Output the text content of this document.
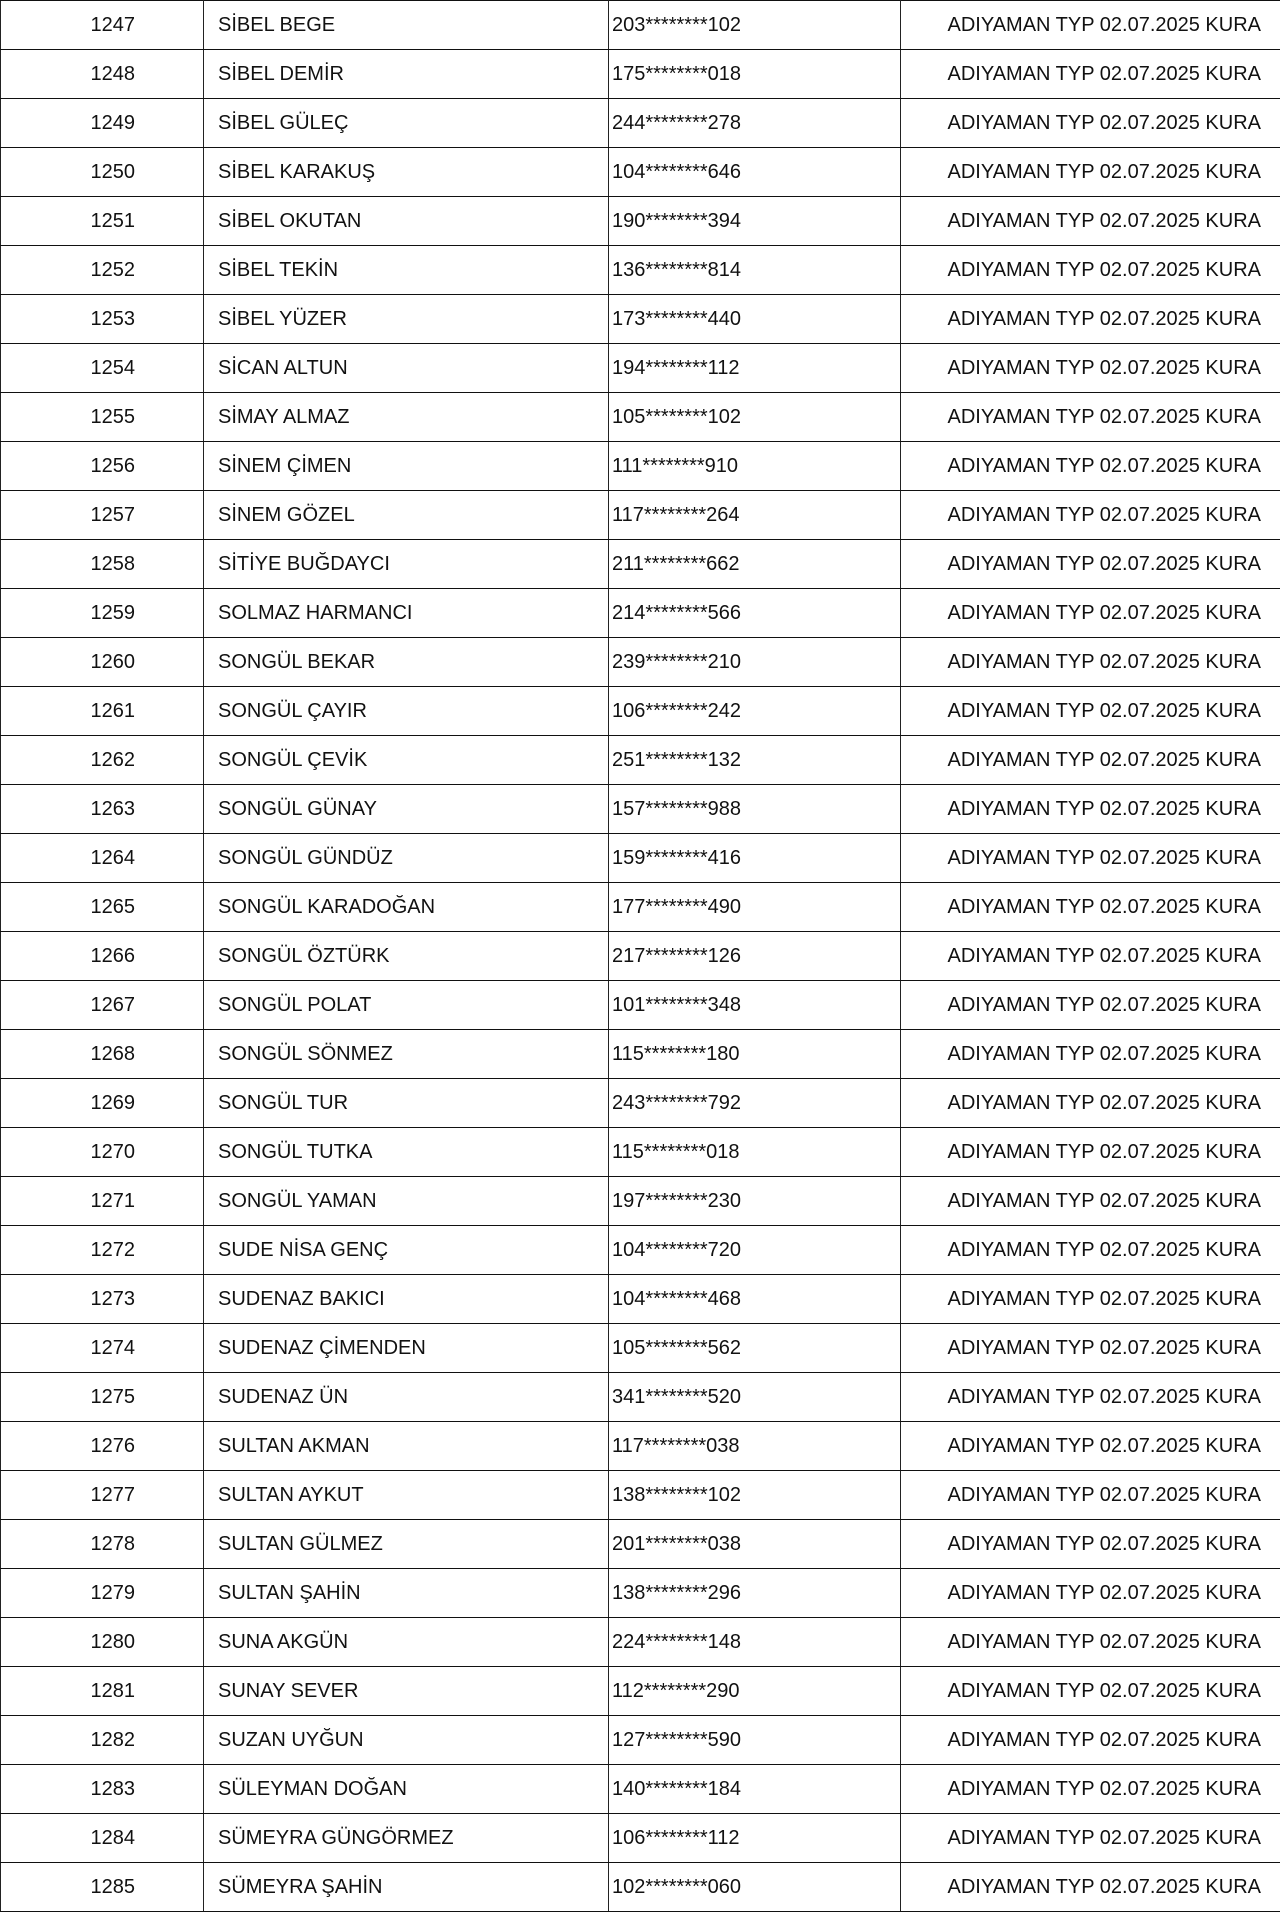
1247	SİBEL BEGE	203********102	ADIYAMAN TYP 02.07.2025 KURA
1248	SİBEL DEMİR	175********018	ADIYAMAN TYP 02.07.2025 KURA
1249	SİBEL GÜLEÇ	244********278	ADIYAMAN TYP 02.07.2025 KURA
1250	SİBEL KARAKUŞ	104********646	ADIYAMAN TYP 02.07.2025 KURA
1251	SİBEL OKUTAN	190********394	ADIYAMAN TYP 02.07.2025 KURA
1252	SİBEL TEKİN	136********814	ADIYAMAN TYP 02.07.2025 KURA
1253	SİBEL YÜZER	173********440	ADIYAMAN TYP 02.07.2025 KURA
1254	SİCAN ALTUN	194********112	ADIYAMAN TYP 02.07.2025 KURA
1255	SİMAY ALMAZ	105********102	ADIYAMAN TYP 02.07.2025 KURA
1256	SİNEM ÇİMEN	111********910	ADIYAMAN TYP 02.07.2025 KURA
1257	SİNEM GÖZEL	117********264	ADIYAMAN TYP 02.07.2025 KURA
1258	SİTİYE BUĞDAYCI	211********662	ADIYAMAN TYP 02.07.2025 KURA
1259	SOLMAZ HARMANCI	214********566	ADIYAMAN TYP 02.07.2025 KURA
1260	SONGÜL BEKAR	239********210	ADIYAMAN TYP 02.07.2025 KURA
1261	SONGÜL ÇAYIR	106********242	ADIYAMAN TYP 02.07.2025 KURA
1262	SONGÜL ÇEVİK	251********132	ADIYAMAN TYP 02.07.2025 KURA
1263	SONGÜL GÜNAY	157********988	ADIYAMAN TYP 02.07.2025 KURA
1264	SONGÜL GÜNDÜZ	159********416	ADIYAMAN TYP 02.07.2025 KURA
1265	SONGÜL KARADOĞAN	177********490	ADIYAMAN TYP 02.07.2025 KURA
1266	SONGÜL ÖZTÜRK	217********126	ADIYAMAN TYP 02.07.2025 KURA
1267	SONGÜL POLAT	101********348	ADIYAMAN TYP 02.07.2025 KURA
1268	SONGÜL SÖNMEZ	115********180	ADIYAMAN TYP 02.07.2025 KURA
1269	SONGÜL TUR	243********792	ADIYAMAN TYP 02.07.2025 KURA
1270	SONGÜL TUTKA	115********018	ADIYAMAN TYP 02.07.2025 KURA
1271	SONGÜL YAMAN	197********230	ADIYAMAN TYP 02.07.2025 KURA
1272	SUDE NİSA GENÇ	104********720	ADIYAMAN TYP 02.07.2025 KURA
1273	SUDENAZ BAKICI	104********468	ADIYAMAN TYP 02.07.2025 KURA
1274	SUDENAZ ÇİMENDEN	105********562	ADIYAMAN TYP 02.07.2025 KURA
1275	SUDENAZ ÜN	341********520	ADIYAMAN TYP 02.07.2025 KURA
1276	SULTAN AKMAN	117********038	ADIYAMAN TYP 02.07.2025 KURA
1277	SULTAN AYKUT	138********102	ADIYAMAN TYP 02.07.2025 KURA
1278	SULTAN GÜLMEZ	201********038	ADIYAMAN TYP 02.07.2025 KURA
1279	SULTAN ŞAHİN	138********296	ADIYAMAN TYP 02.07.2025 KURA
1280	SUNA AKGÜN	224********148	ADIYAMAN TYP 02.07.2025 KURA
1281	SUNAY SEVER	112********290	ADIYAMAN TYP 02.07.2025 KURA
1282	SUZAN UYĞUN	127********590	ADIYAMAN TYP 02.07.2025 KURA
1283	SÜLEYMAN DOĞAN	140********184	ADIYAMAN TYP 02.07.2025 KURA
1284	SÜMEYRA GÜNGÖRMEZ	106********112	ADIYAMAN TYP 02.07.2025 KURA
1285	SÜMEYRA ŞAHİN	102********060	ADIYAMAN TYP 02.07.2025 KURA
